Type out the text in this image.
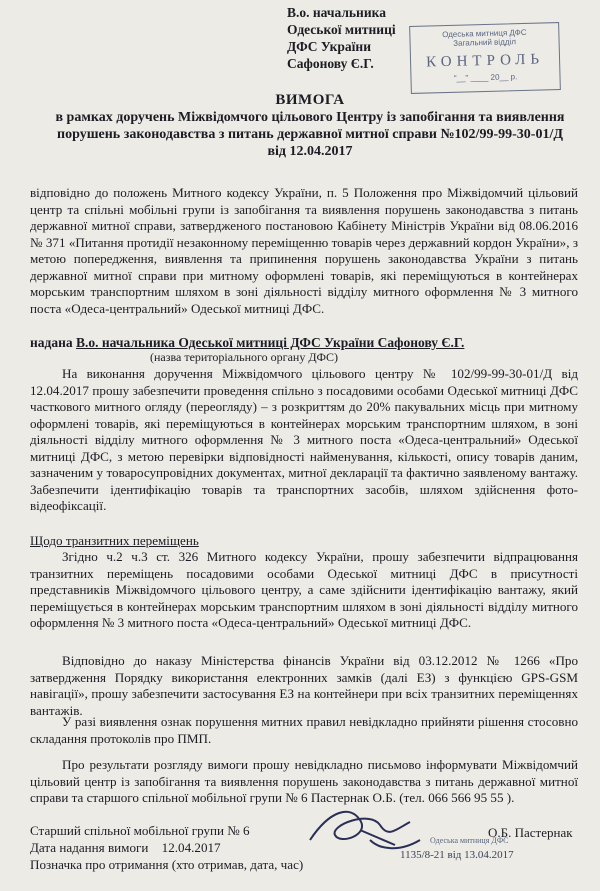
В.о. начальника Одеської митниці
ДФС України
Сафонову Є.Г.
Одеська митниця ДФС
Загальний відділ
КОНТРОЛЬ
"__" ____ 20__ р.
ВИМОГА
в рамках доручень Міжвідомчого цільового Центру із запобігання та виявлення
порушень законодавства з питань державної митної справи №102/99-99-30-01/Д
від 12.04.2017
відповідно до положень Митного кодексу України, п. 5 Положення про Міжвідомчий цільовий центр та спільні мобільні групи із запобігання та виявлення порушень законодавства з питань державної митної справи, затвердженого постановою Кабінету Міністрів України від 08.06.2016 № 371 «Питання протидії незаконному переміщенню товарів через державний кордон України», з метою попередження, виявлення та припинення порушень законодавства України з питань державної митної справи при митному оформлені товарів, які переміщуються в контейнерах морським транспортним шляхом в зоні діяльності відділу митного оформлення № 3 митного поста «Одеса-центральний» Одеської митниці ДФС.
надана В.о. начальника Одеської митниці ДФС України Сафонову Є.Г.
(назва територіального органу ДФС)
На виконання доручення Міжвідомчого цільового центру № 102/99-99-30-01/Д від 12.04.2017 прошу забезпечити проведення спільно з посадовими особами Одеської митниці ДФС часткового митного огляду (переогляду) – з розкриттям до 20% пакувальних місць при митному оформлені товарів, які переміщуються в контейнерах морським транспортним шляхом, в зоні діяльності відділу митного оформлення № 3 митного поста «Одеса-центральний» Одеської митниці ДФС, з метою перевірки відповідності найменування, кількості, опису товарів даним, зазначеним у товаросупровідних документах, митної декларації та фактично заявленому вантажу. Забезпечити ідентифікацію товарів та транспортних засобів, шляхом здійснення фото-відеофіксації.
Щодо транзитних переміщень
Згідно ч.2 ч.3 ст. 326 Митного кодексу України, прошу забезпечити відпрацювання транзитних переміщень посадовими особами Одеської митниці ДФС в присутності представників Міжвідомчого цільового центру, а саме здійснити ідентифікацію вантажу, який переміщується в контейнерах морським транспортним шляхом в зоні діяльності відділу митного оформлення № 3 митного поста «Одеса-центральний» Одеської митниці ДФС.
Відповідно до наказу Міністерства фінансів України від 03.12.2012 № 1266 «Про затвердження Порядку використання електронних замків (далі ЕЗ) з функцією GPS-GSM навігації», прошу забезпечити застосування ЕЗ на контейнери при всіх транзитних переміщеннях вантажів.
У разі виявлення ознак порушення митних правил невідкладно прийняти рішення стосовно складання протоколів про ПМП.
Про результати розгляду вимоги прошу невідкладно письмово інформувати Міжвідомчий цільовий центр із запобігання та виявлення порушень законодавства з питань державної митної справи та старшого спільної мобільної групи № 6 Пастернак О.Б. (тел. 066 566 95 55 ).
Старший спільної мобільної групи № 6	О.Б. Пастернак
Дата надання вимоги 12.04.2017	Одеська митниця ДФС
1135/8-21 від 13.04.2017
Позначка про отримання (хто отримав, дата, час)
